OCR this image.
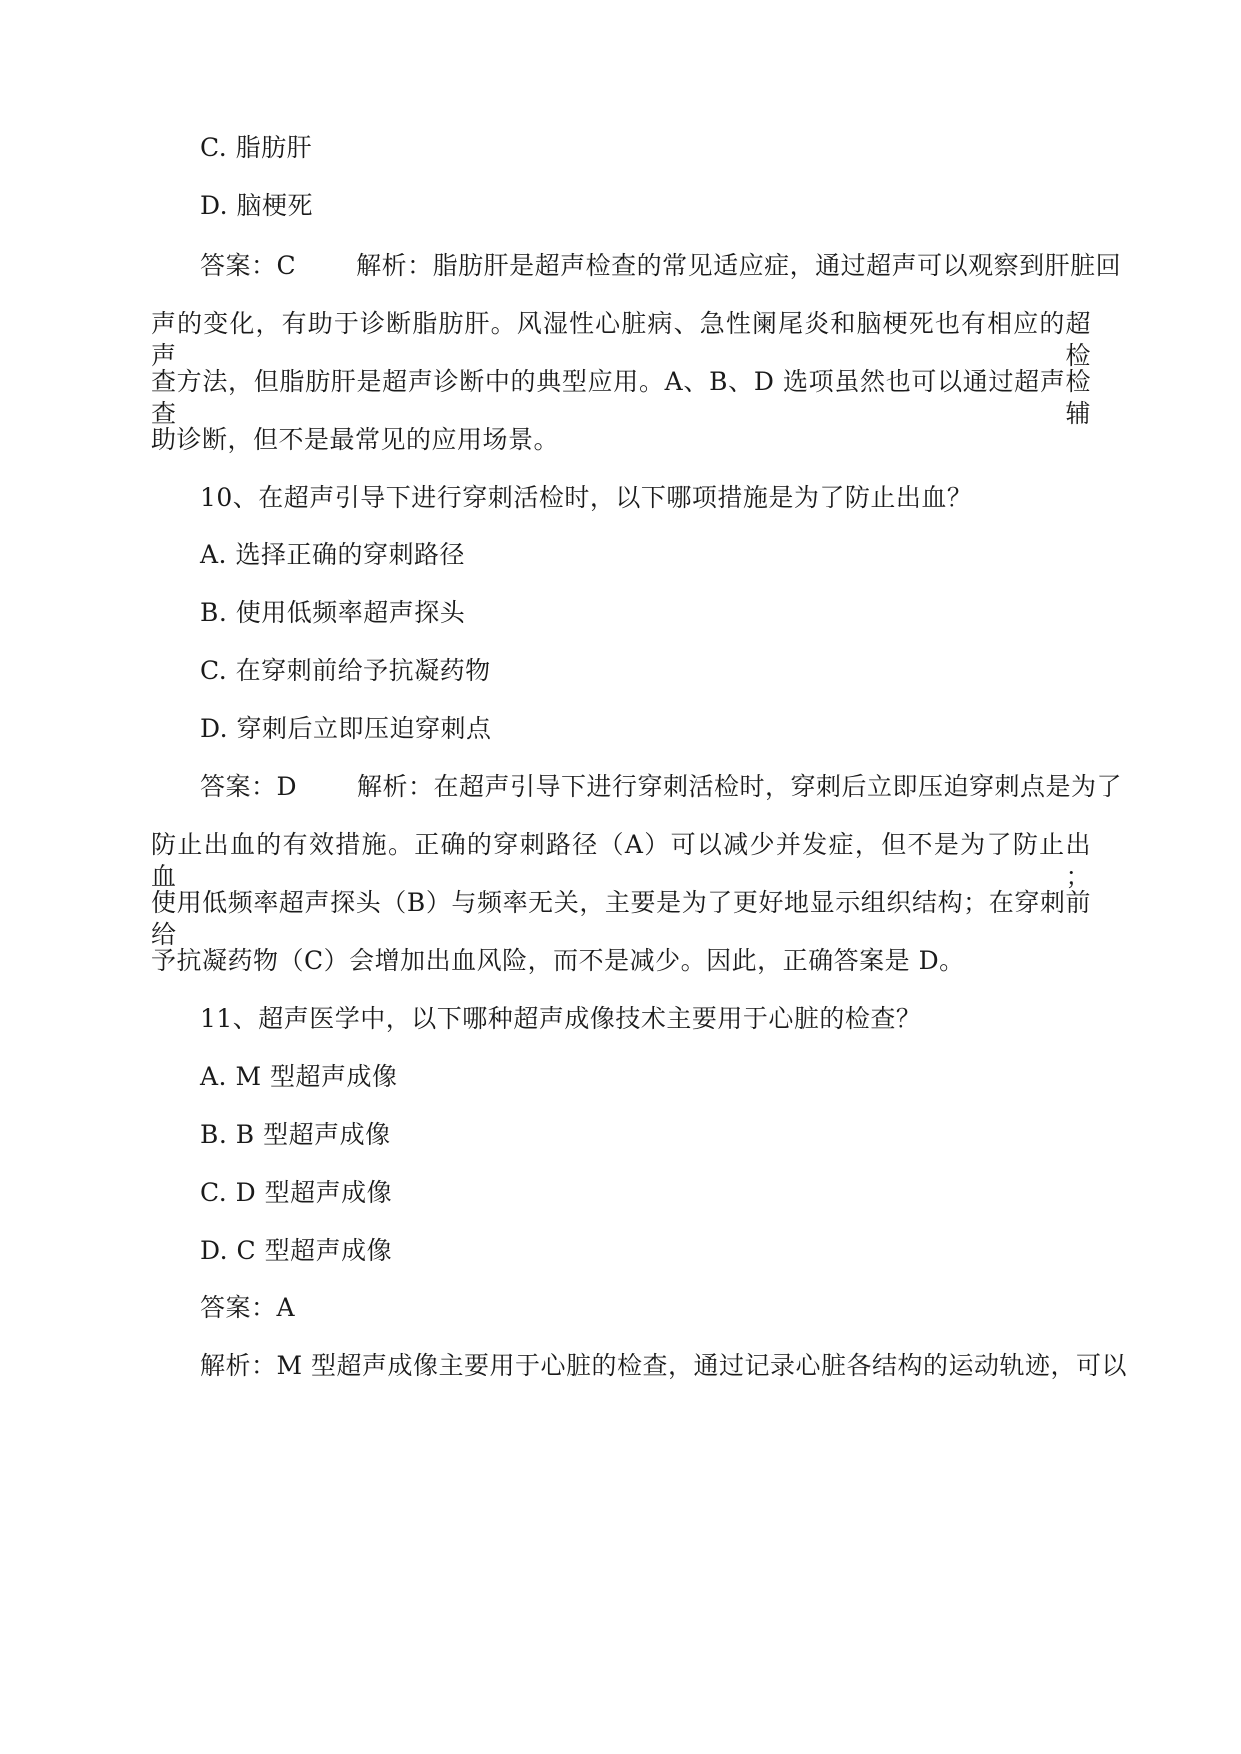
C. 脂肪肝
D. 脑梗死
答案：C 解析：脂肪肝是超声检查的常见适应症，通过超声可以观察到肝脏回
声的变化，有助于诊断脂肪肝。风湿性心脏病、急性阑尾炎和脑梗死也有相应的超声检
查方法，但脂肪肝是超声诊断中的典型应用。A、B、D 选项虽然也可以通过超声检查辅
助诊断，但不是最常见的应用场景。
10、在超声引导下进行穿刺活检时，以下哪项措施是为了防止出血？
A. 选择正确的穿刺路径
B. 使用低频率超声探头
C. 在穿刺前给予抗凝药物
D. 穿刺后立即压迫穿刺点
答案：D 解析：在超声引导下进行穿刺活检时，穿刺后立即压迫穿刺点是为了
防止出血的有效措施。正确的穿刺路径（A）可以减少并发症，但不是为了防止出血；
使用低频率超声探头（B）与频率无关，主要是为了更好地显示组织结构；在穿刺前给
予抗凝药物（C）会增加出血风险，而不是减少。因此，正确答案是 D。
11、超声医学中，以下哪种超声成像技术主要用于心脏的检查？
A. M 型超声成像
B. B 型超声成像
C. D 型超声成像
D. C 型超声成像
答案：A
解析：M 型超声成像主要用于心脏的检查，通过记录心脏各结构的运动轨迹，可以
